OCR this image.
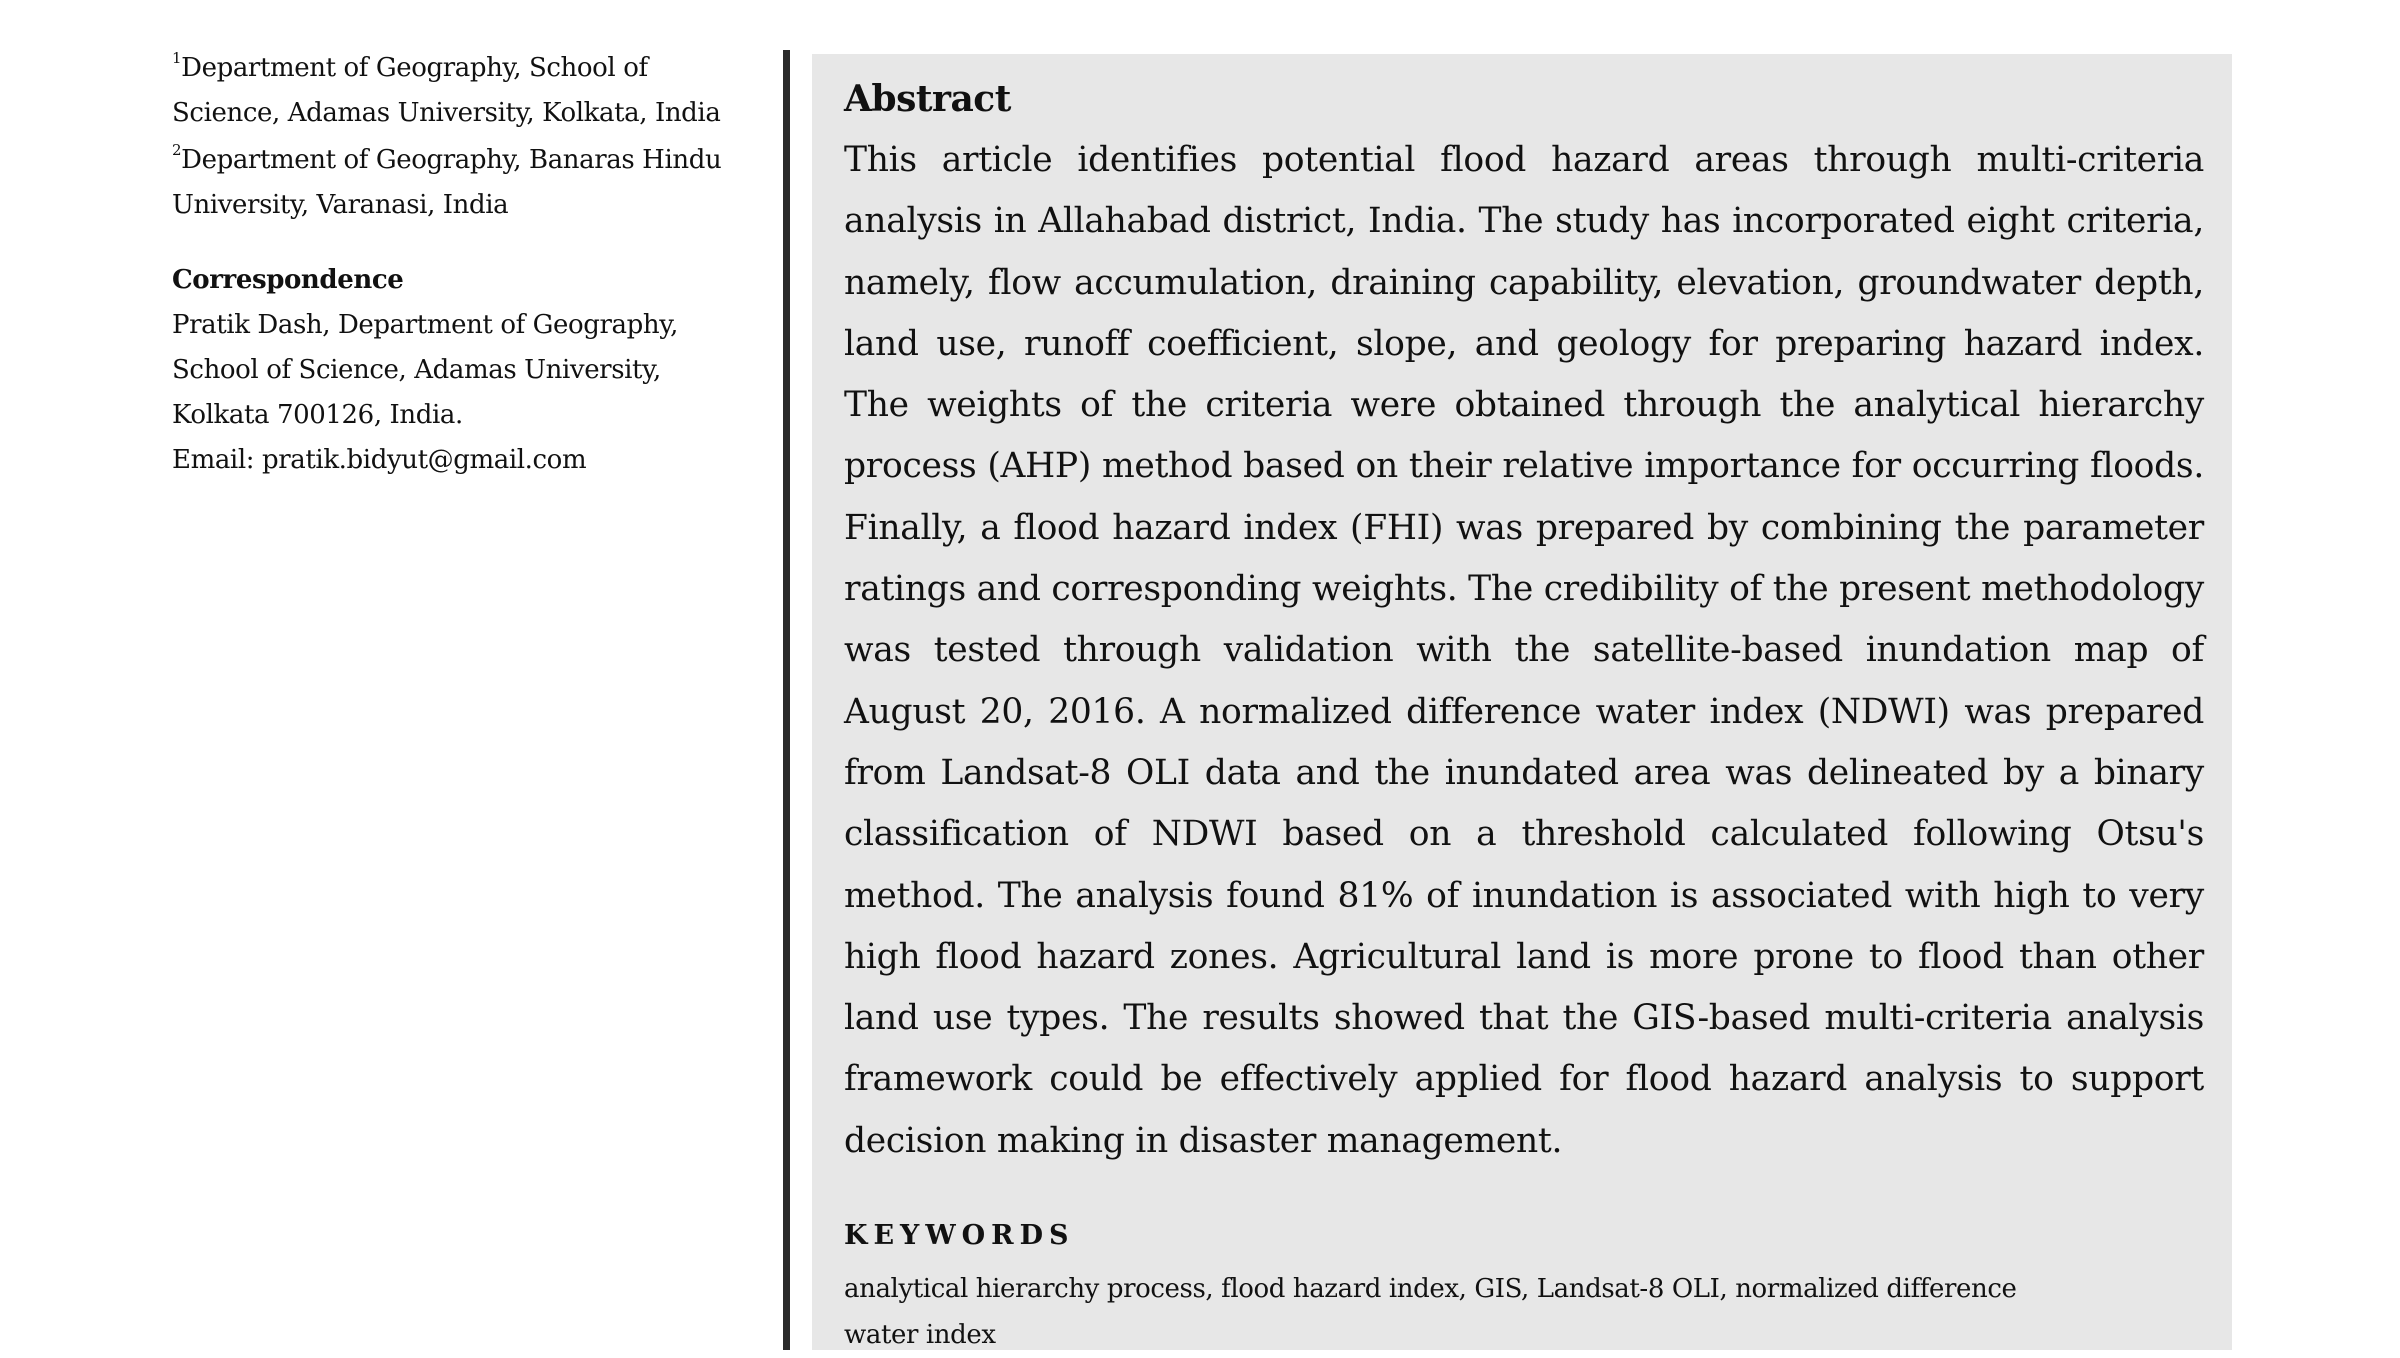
$^1$Department of Geography, School of Science, Adamas University, Kolkata, India

$^2$Department of Geography, Banaras Hindu University, Varanasi, India

Correspondence

Pratik Dash, Department of Geography,

School of Science, Adamas University,

Kolkata 700126, India.

Email: pratik.bidyut@gmail.com

Abstract

This article identifies potential flood hazard areas through multi-criteria analysis in Allahabad district, India. The study has incorporated eight criteria, namely, flow accumulation, draining capability, elevation, groundwater depth, land use, runoff coefficient, slope, and geology for preparing hazard index. The weights of the criteria were obtained through the analytical hierarchy process (AHP) method based on their relative importance for occurring floods. Finally, a flood hazard index (FHI) was prepared by combining the parameter ratings and corresponding weights. The credibility of the present methodology was tested through validation with the satellite-based inundation map of August 20, 2016. A normalized difference water index (NDWI) was prepared from Landsat-8 OLI data and the inundated area was delineated by a binary classification of NDWI based on a threshold calculated following Otsu's method. The analysis found 81% of inundation is associated with high to very high flood hazard zones. Agricultural land is more prone to flood than other land use types. The results showed that the GIS-based multi-criteria analysis framework could be effectively applied for flood hazard analysis to support decision making in disaster management.

KEYWORDS
analytical hierarchy process, flood hazard index, GIS, Landsat-8 OLI, normalized difference water index
